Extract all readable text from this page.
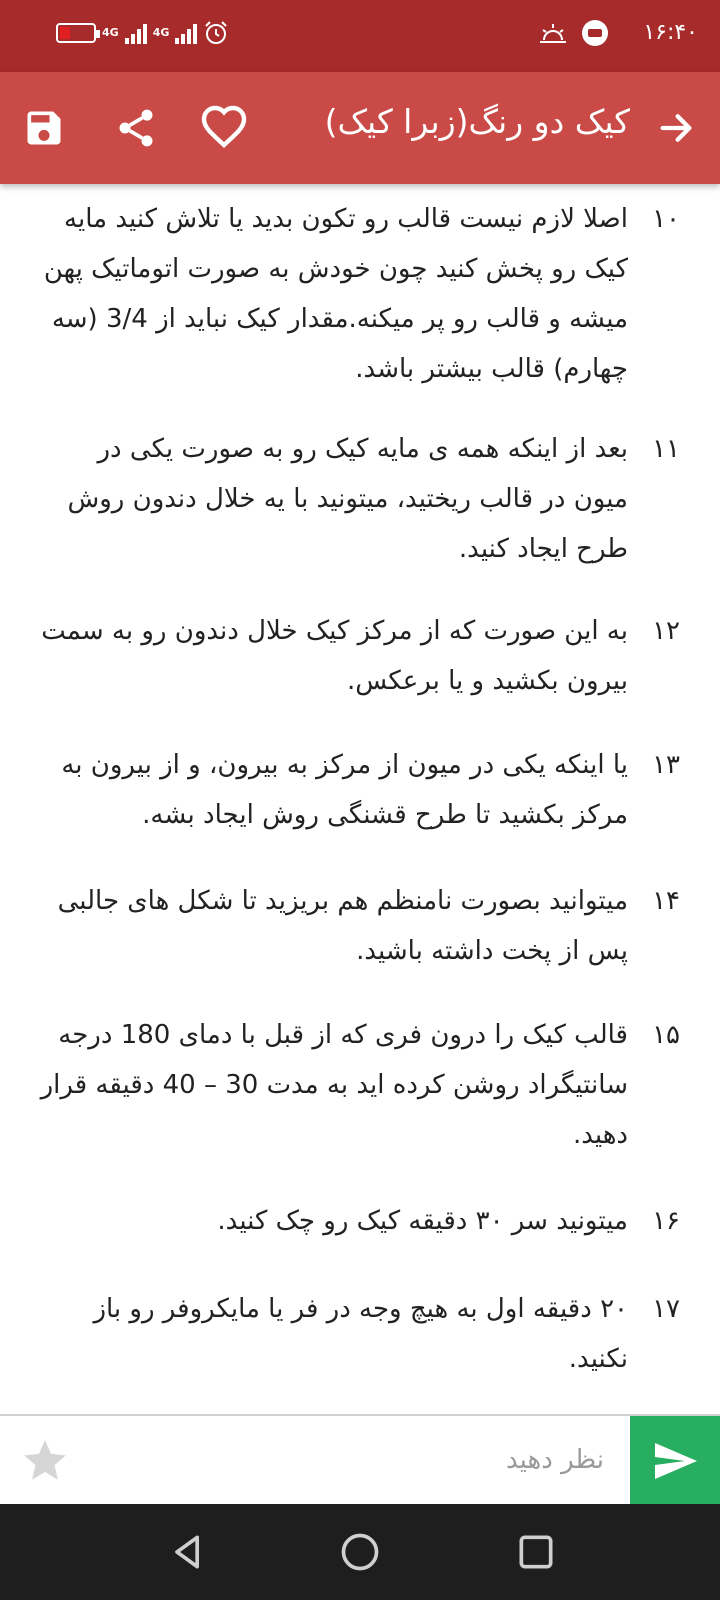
4G	4G	۱۶:۴۰
کیک دو رنگ(زبرا کیک)
۱۰
اصلا لازم نیست قالب رو تکون بدید یا تلاش کنید مایه کیک رو پخش کنید چون خودش به صورت اتوماتیک پهن میشه و قالب رو پر میکنه.مقدار کیک نباید از 3/4 (سه چهارم) قالب بیشتر باشد.
۱۱
بعد از اینکه همه ی مایه کیک رو به صورت یکی در میون در قالب ریختید، میتونید با یه خلال دندون روش طرح ایجاد کنید.
۱۲
به این صورت که از مرکز کیک خلال دندون رو به سمت بیرون بکشید و یا برعکس.
۱۳
یا اینکه یکی در میون از مرکز به بیرون، و از بیرون به مرکز بکشید تا طرح قشنگی روش ایجاد بشه.
۱۴
میتوانید بصورت نامنظم هم بریزید تا شکل های جالبی پس از پخت داشته باشید.
۱۵
قالب کیک را درون فری که از قبل با دمای 180 درجه سانتیگراد روشن کرده اید به مدت 30 – 40 دقیقه قرار دهید.
۱۶
میتونید سر ۳۰ دقیقه کیک رو چک کنید.
۱۷
۲۰ دقیقه اول به هیچ وجه در فر یا مایکروفر رو باز نکنید.
نظر دهید
